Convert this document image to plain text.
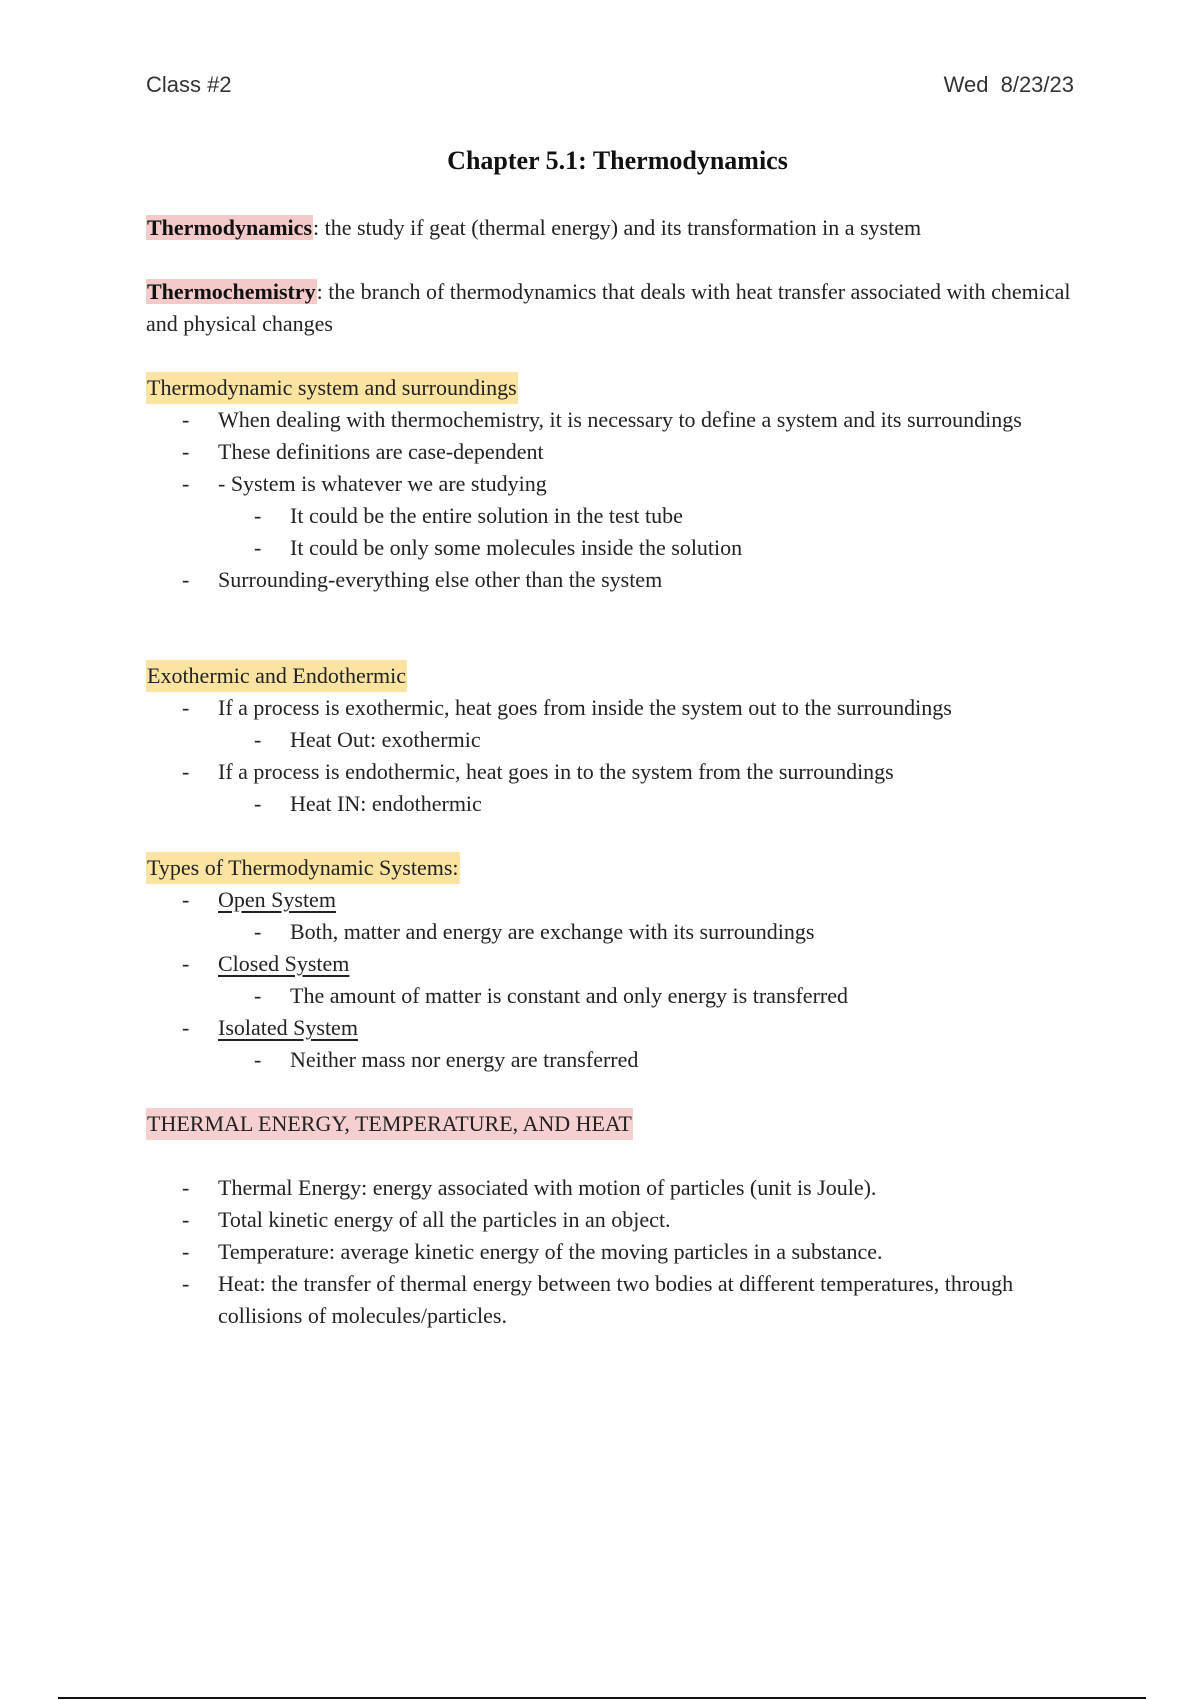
Class #2	Wed 8/23/23
Chapter 5.1: Thermodynamics

Thermodynamics: the study if geat (thermal energy) and its transformation in a system

Thermochemistry: the branch of thermodynamics that deals with heat transfer associated with chemical and physical changes

Thermodynamic system and surroundings
- When dealing with thermochemistry, it is necessary to define a system and its surroundings
- These definitions are case-dependent
- - System is whatever we are studying
- It could be the entire solution in the test tube
- It could be only some molecules inside the solution
- Surrounding-everything else other than the system
Exothermic and Endothermic
- If a process is exothermic, heat goes from inside the system out to the surroundings
- Heat Out: exothermic
- If a process is endothermic, heat goes in to the system from the surroundings
- Heat IN: endothermic
Types of Thermodynamic Systems:
- Open System
- Both, matter and energy are exchange with its surroundings
- Closed System
- The amount of matter is constant and only energy is transferred
- Isolated System
- Neither mass nor energy are transferred
THERMAL ENERGY, TEMPERATURE, AND HEAT
- Thermal Energy: energy associated with motion of particles (unit is Joule).
- Total kinetic energy of all the particles in an object.
- Temperature: average kinetic energy of the moving particles in a substance.
- Heat: the transfer of thermal energy between two bodies at different temperatures, through collisions of molecules/particles.
